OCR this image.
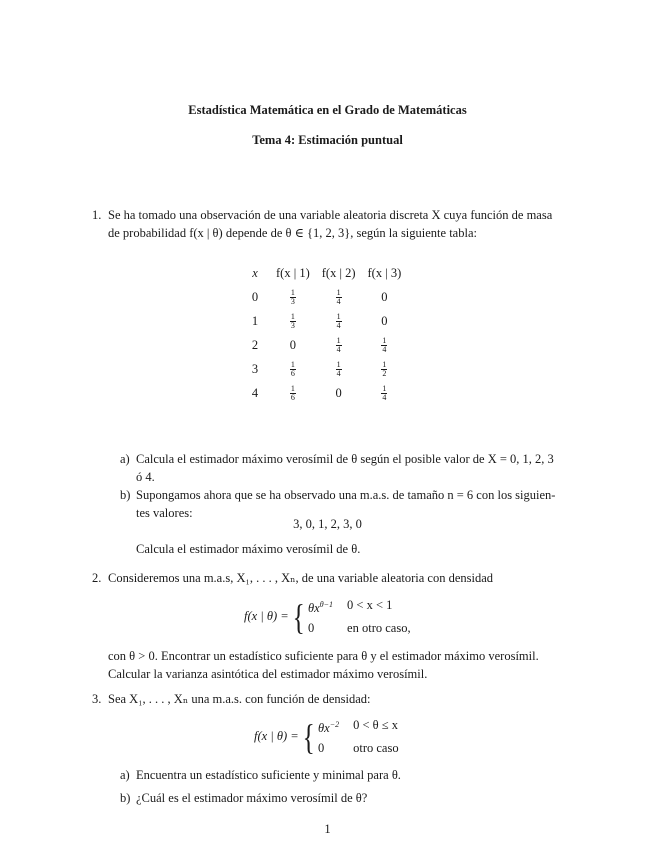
Estadística Matemática en el Grado de Matemáticas
Tema 4: Estimación puntual
1. Se ha tomado una observación de una variable aleatoria discreta X cuya función de masa
de probabilidad f(x | θ) depende de θ ∈ {1, 2, 3}, según la siguiente tabla:
x	f(x | 1)	f(x | 2)	f(x | 3)
0	$\frac{1}{3}$	$\frac{1}{4}$	0
1	$\frac{1}{3}$	$\frac{1}{4}$	0
2	0	$\frac{1}{4}$	$\frac{1}{4}$

3	$\frac{1}{6}$	$\frac{1}{4}$	$\frac{1}{2}$

4	$\frac{1}{6}$	0	$\frac{1}{4}$
a) Calcula el estimador máximo verosímil de θ según el posible valor de X = 0, 1, 2, 3
ó 4.
b) Supongamos ahora que se ha observado una m.a.s. de tamaño n = 6 con los siguien-
tes valores:
3, 0, 1, 2, 3, 0
Calcula el estimador máximo verosímil de θ.
2. Consideremos una m.a.s, X₁, . . . , Xₙ, de una variable aleatoria con densidad
f(x | θ) = { $\theta x^{\theta-1}$ 0 < x < 1
0	en otro caso,
con θ > 0. Encontrar un estadístico suficiente para θ y el estimador máximo verosímil.
Calcular la varianza asintótica del estimador máximo verosímil.
3. Sea X₁, . . . , Xₙ una m.a.s. con función de densidad:
f(x | θ) = { $\theta x^{-2}$ 0 < θ ≤ x
0	otro caso
a) Encuentra un estadístico suficiente y minimal para θ.
b) ¿Cuál es el estimador máximo verosímil de θ?
1
